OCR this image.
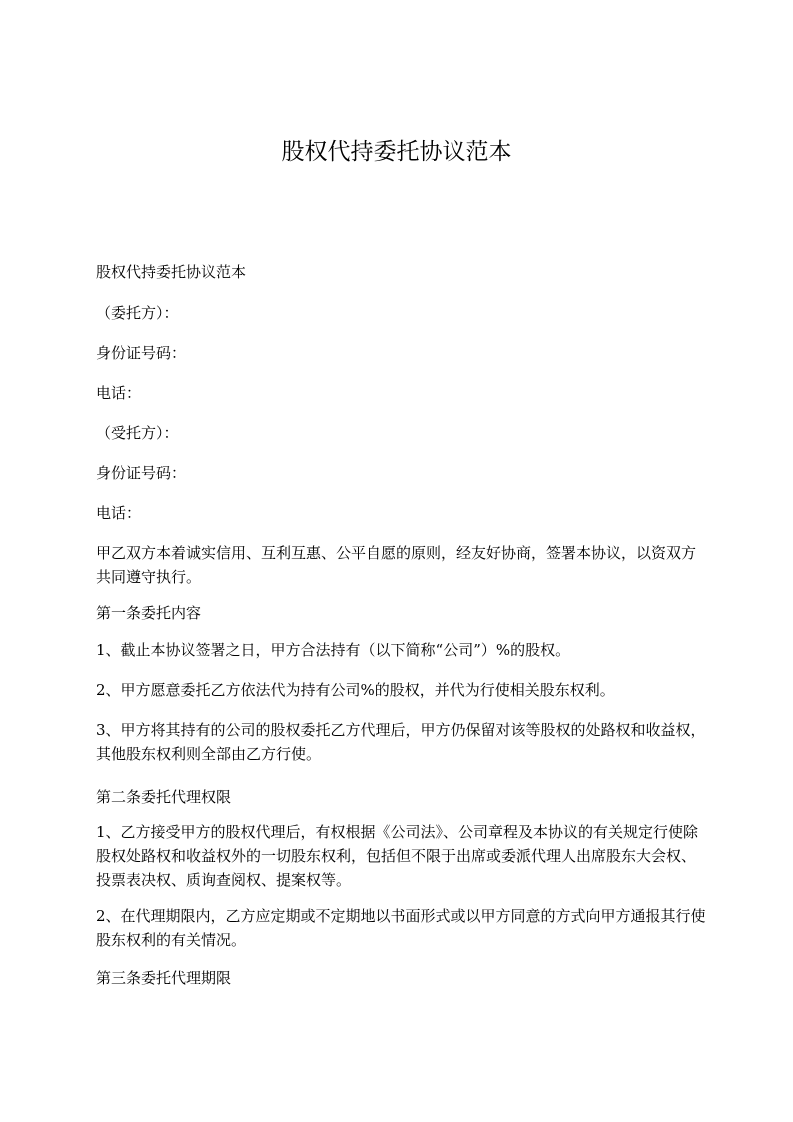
股权代持委托协议范本

股权代持委托协议范本

（委托方）：

身份证号码：

电话：

（受托方）：

身份证号码：

电话：

甲乙双方本着诚实信用、互利互惠、公平自愿的原则，经友好协商，签署本协议，以资双方共同遵守执行。

第一条委托内容

1、截止本协议签署之日，甲方合法持有（以下简称“公司”）%的股权。

2、甲方愿意委托乙方依法代为持有公司%的股权，并代为行使相关股东权利。

3、甲方将其持有的公司的股权委托乙方代理后，甲方仍保留对该等股权的处路权和收益权，其他股东权利则全部由乙方行使。

第二条委托代理权限

1、乙方接受甲方的股权代理后，有权根据《公司法》、公司章程及本协议的有关规定行使除股权处路权和收益权外的一切股东权利，包括但不限于出席或委派代理人出席股东大会权、投票表决权、质询查阅权、提案权等。

2、在代理期限内，乙方应定期或不定期地以书面形式或以甲方同意的方式向甲方通报其行使股东权利的有关情况。

第三条委托代理期限
